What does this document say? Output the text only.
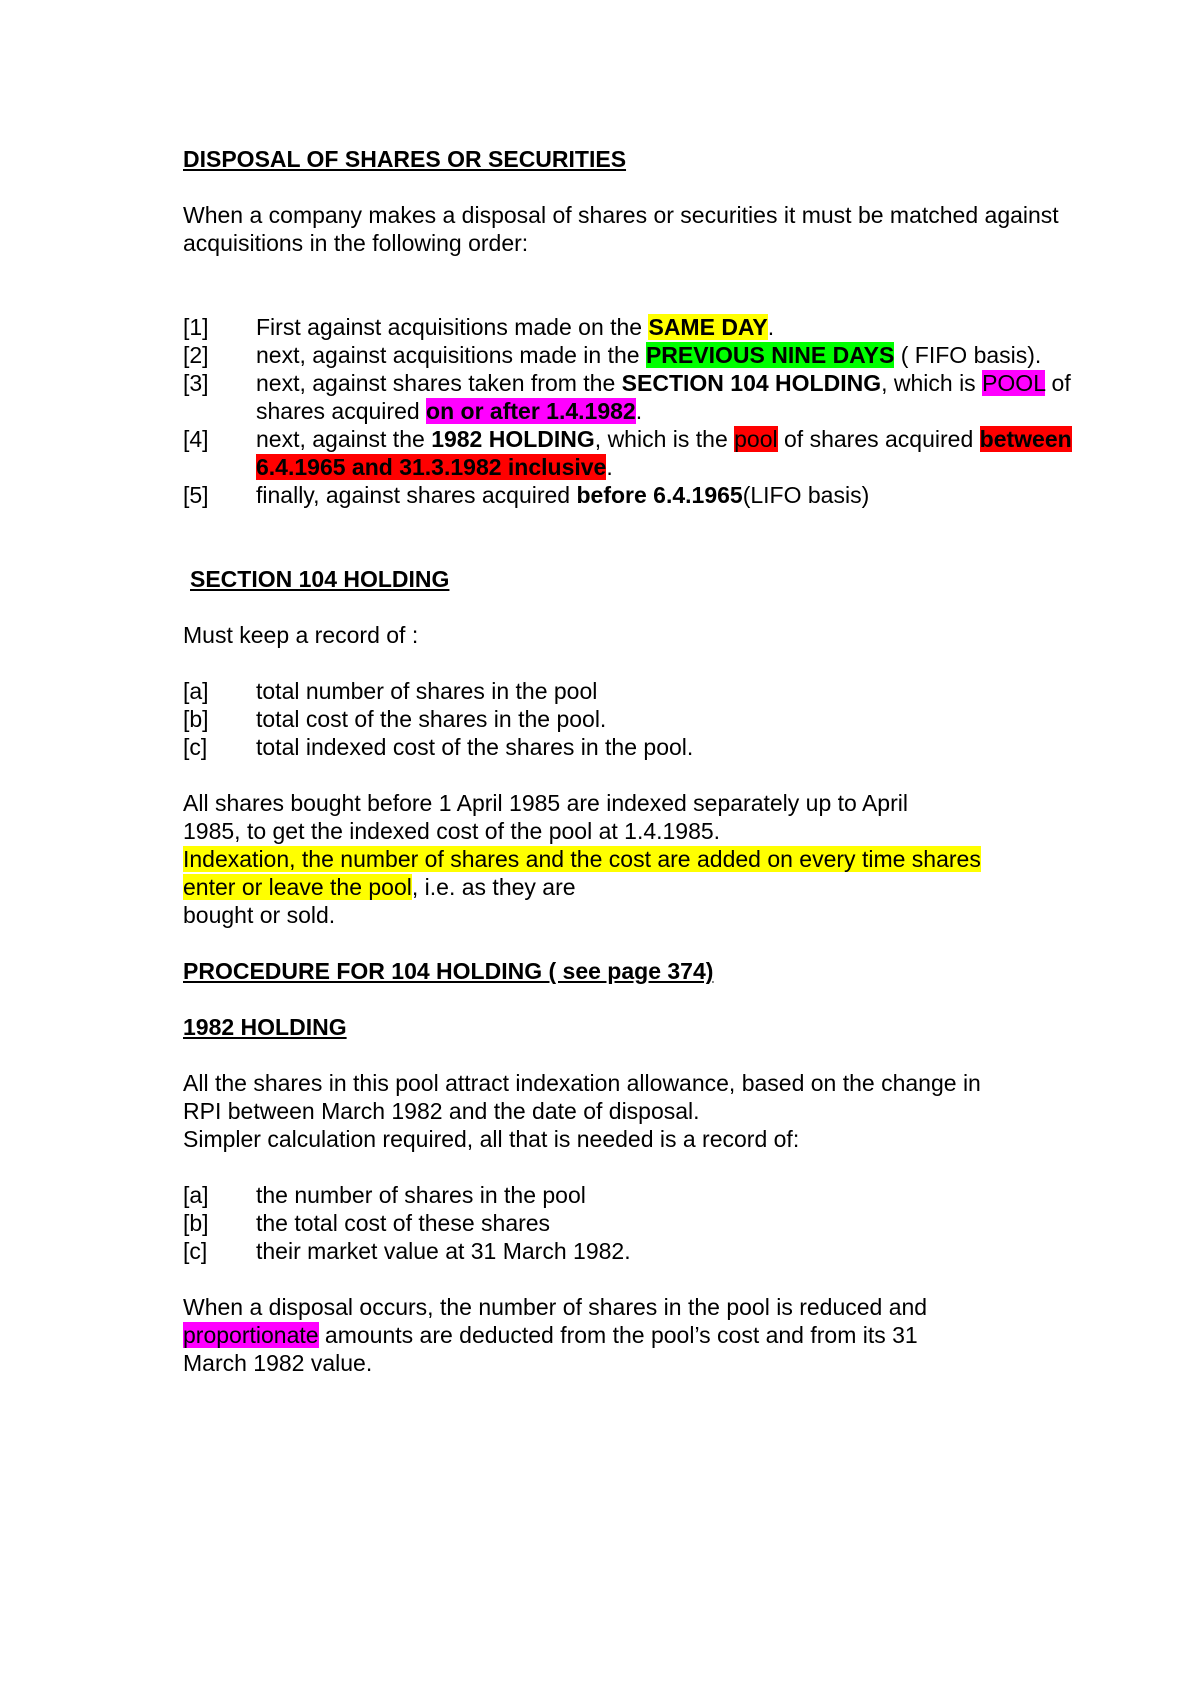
DISPOSAL OF SHARES OR SECURITIES

When a company makes a disposal of shares or securities it must be matched against acquisitions in the following order:

[1]	First against acquisitions made on the SAME DAY.
[2]	next, against acquisitions made in the PREVIOUS NINE DAYS ( FIFO basis).
[3]	next, against shares taken from the SECTION 104 HOLDING, which is POOL of shares acquired on or after 1.4.1982.
[4]	next, against the 1982 HOLDING, which is the pool of shares acquired between 6.4.1965 and 31.3.1982 inclusive.
[5]	finally, against shares acquired before 6.4.1965(LIFO basis)

SECTION 104 HOLDING

Must keep a record of :

[a]	total number of shares in the pool
[b]	total cost of the shares in the pool.
[c]	total indexed cost of the shares in the pool.

All shares bought before 1 April 1985 are indexed separately up to April 1985, to get the indexed cost of the pool at 1.4.1985.

Indexation, the number of shares and the cost are added on every time shares enter or leave the pool, i.e. as they are

bought or sold.

PROCEDURE FOR 104 HOLDING ( see page 374)

1982 HOLDING

All the shares in this pool attract indexation allowance, based on the change in RPI between March 1982 and the date of disposal.

Simpler calculation required, all that is needed is a record of:

[a]	the number of shares in the pool
[b]	the total cost of these shares
[c]	their market value at 31 March 1982.

When a disposal occurs, the number of shares in the pool is reduced and proportionate amounts are deducted from the pool’s cost and from its 31 March 1982 value.
